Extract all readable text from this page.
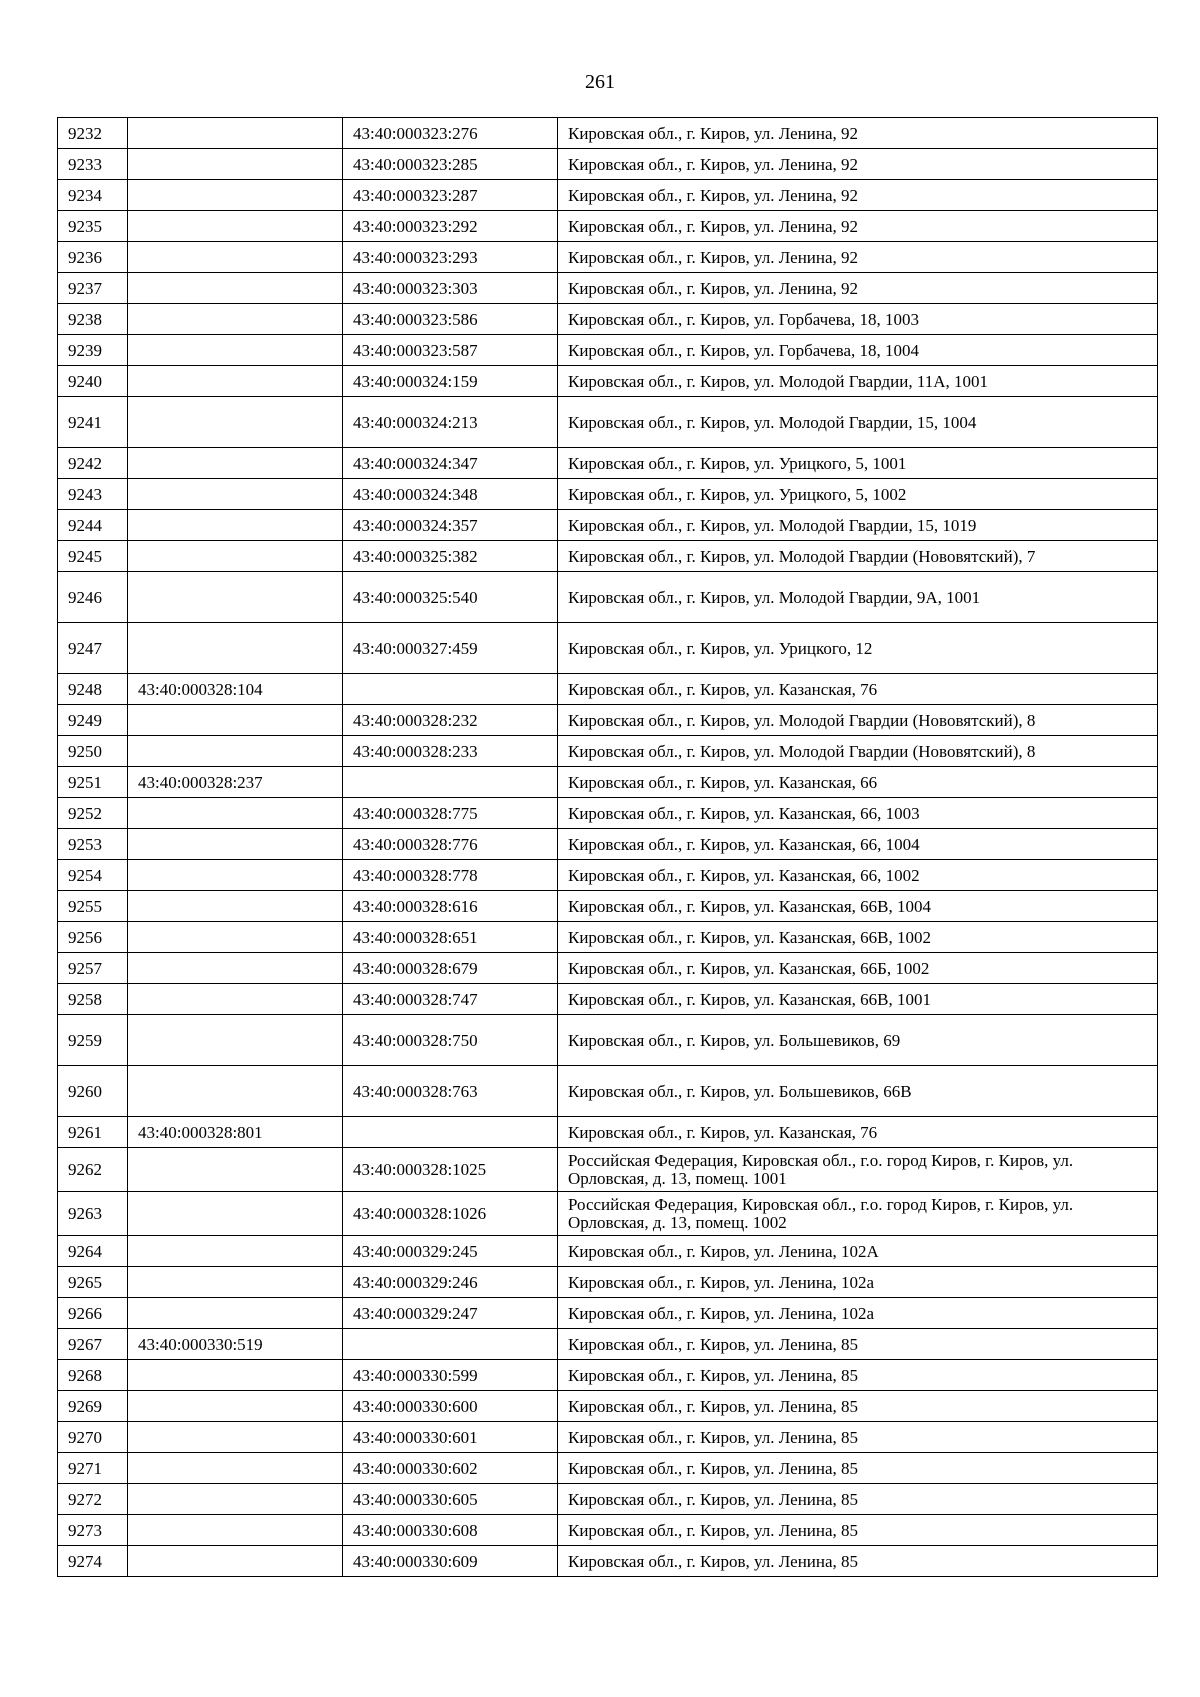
261
9232		43:40:000323:276	Кировская обл., г. Киров, ул. Ленина, 92
9233		43:40:000323:285	Кировская обл., г. Киров, ул. Ленина, 92
9234		43:40:000323:287	Кировская обл., г. Киров, ул. Ленина, 92
9235		43:40:000323:292	Кировская обл., г. Киров, ул. Ленина, 92
9236		43:40:000323:293	Кировская обл., г. Киров, ул. Ленина, 92
9237		43:40:000323:303	Кировская обл., г. Киров, ул. Ленина, 92
9238		43:40:000323:586	Кировская обл., г. Киров, ул. Горбачева, 18, 1003
9239		43:40:000323:587	Кировская обл., г. Киров, ул. Горбачева, 18, 1004
9240		43:40:000324:159	Кировская обл., г. Киров, ул. Молодой Гвардии, 11А, 1001
9241		43:40:000324:213	Кировская обл., г. Киров, ул. Молодой Гвардии, 15, 1004
9242		43:40:000324:347	Кировская обл., г. Киров, ул. Урицкого, 5, 1001
9243		43:40:000324:348	Кировская обл., г. Киров, ул. Урицкого, 5, 1002
9244		43:40:000324:357	Кировская обл., г. Киров, ул. Молодой Гвардии, 15, 1019
9245		43:40:000325:382	Кировская обл., г. Киров, ул. Молодой Гвардии (Нововятский), 7
9246		43:40:000325:540	Кировская обл., г. Киров, ул. Молодой Гвардии, 9А, 1001
9247		43:40:000327:459	Кировская обл., г. Киров, ул. Урицкого, 12
9248	43:40:000328:104		Кировская обл., г. Киров, ул. Казанская, 76
9249		43:40:000328:232	Кировская обл., г. Киров, ул. Молодой Гвардии (Нововятский), 8
9250		43:40:000328:233	Кировская обл., г. Киров, ул. Молодой Гвардии (Нововятский), 8
9251	43:40:000328:237		Кировская обл., г. Киров, ул. Казанская, 66
9252		43:40:000328:775	Кировская обл., г. Киров, ул. Казанская, 66, 1003
9253		43:40:000328:776	Кировская обл., г. Киров, ул. Казанская, 66, 1004
9254		43:40:000328:778	Кировская обл., г. Киров, ул. Казанская, 66, 1002
9255		43:40:000328:616	Кировская обл., г. Киров, ул. Казанская, 66В, 1004
9256		43:40:000328:651	Кировская обл., г. Киров, ул. Казанская, 66В, 1002
9257		43:40:000328:679	Кировская обл., г. Киров, ул. Казанская, 66Б, 1002
9258		43:40:000328:747	Кировская обл., г. Киров, ул. Казанская, 66В, 1001
9259		43:40:000328:750	Кировская обл., г. Киров, ул. Большевиков, 69
9260		43:40:000328:763	Кировская обл., г. Киров, ул. Большевиков, 66В
9261	43:40:000328:801		Кировская обл., г. Киров, ул. Казанская, 76
9262		43:40:000328:1025	Российская Федерация, Кировская обл., г.о. город Киров, г. Киров, ул. Орловская, д. 13, помещ. 1001
9263		43:40:000328:1026	Российская Федерация, Кировская обл., г.о. город Киров, г. Киров, ул. Орловская, д. 13, помещ. 1002
9264		43:40:000329:245	Кировская обл., г. Киров, ул. Ленина, 102А
9265		43:40:000329:246	Кировская обл., г. Киров, ул. Ленина, 102а
9266		43:40:000329:247	Кировская обл., г. Киров, ул. Ленина, 102а
9267	43:40:000330:519		Кировская обл., г. Киров, ул. Ленина, 85
9268		43:40:000330:599	Кировская обл., г. Киров, ул. Ленина, 85
9269		43:40:000330:600	Кировская обл., г. Киров, ул. Ленина, 85
9270		43:40:000330:601	Кировская обл., г. Киров, ул. Ленина, 85
9271		43:40:000330:602	Кировская обл., г. Киров, ул. Ленина, 85
9272		43:40:000330:605	Кировская обл., г. Киров, ул. Ленина, 85
9273		43:40:000330:608	Кировская обл., г. Киров, ул. Ленина, 85
9274		43:40:000330:609	Кировская обл., г. Киров, ул. Ленина, 85
